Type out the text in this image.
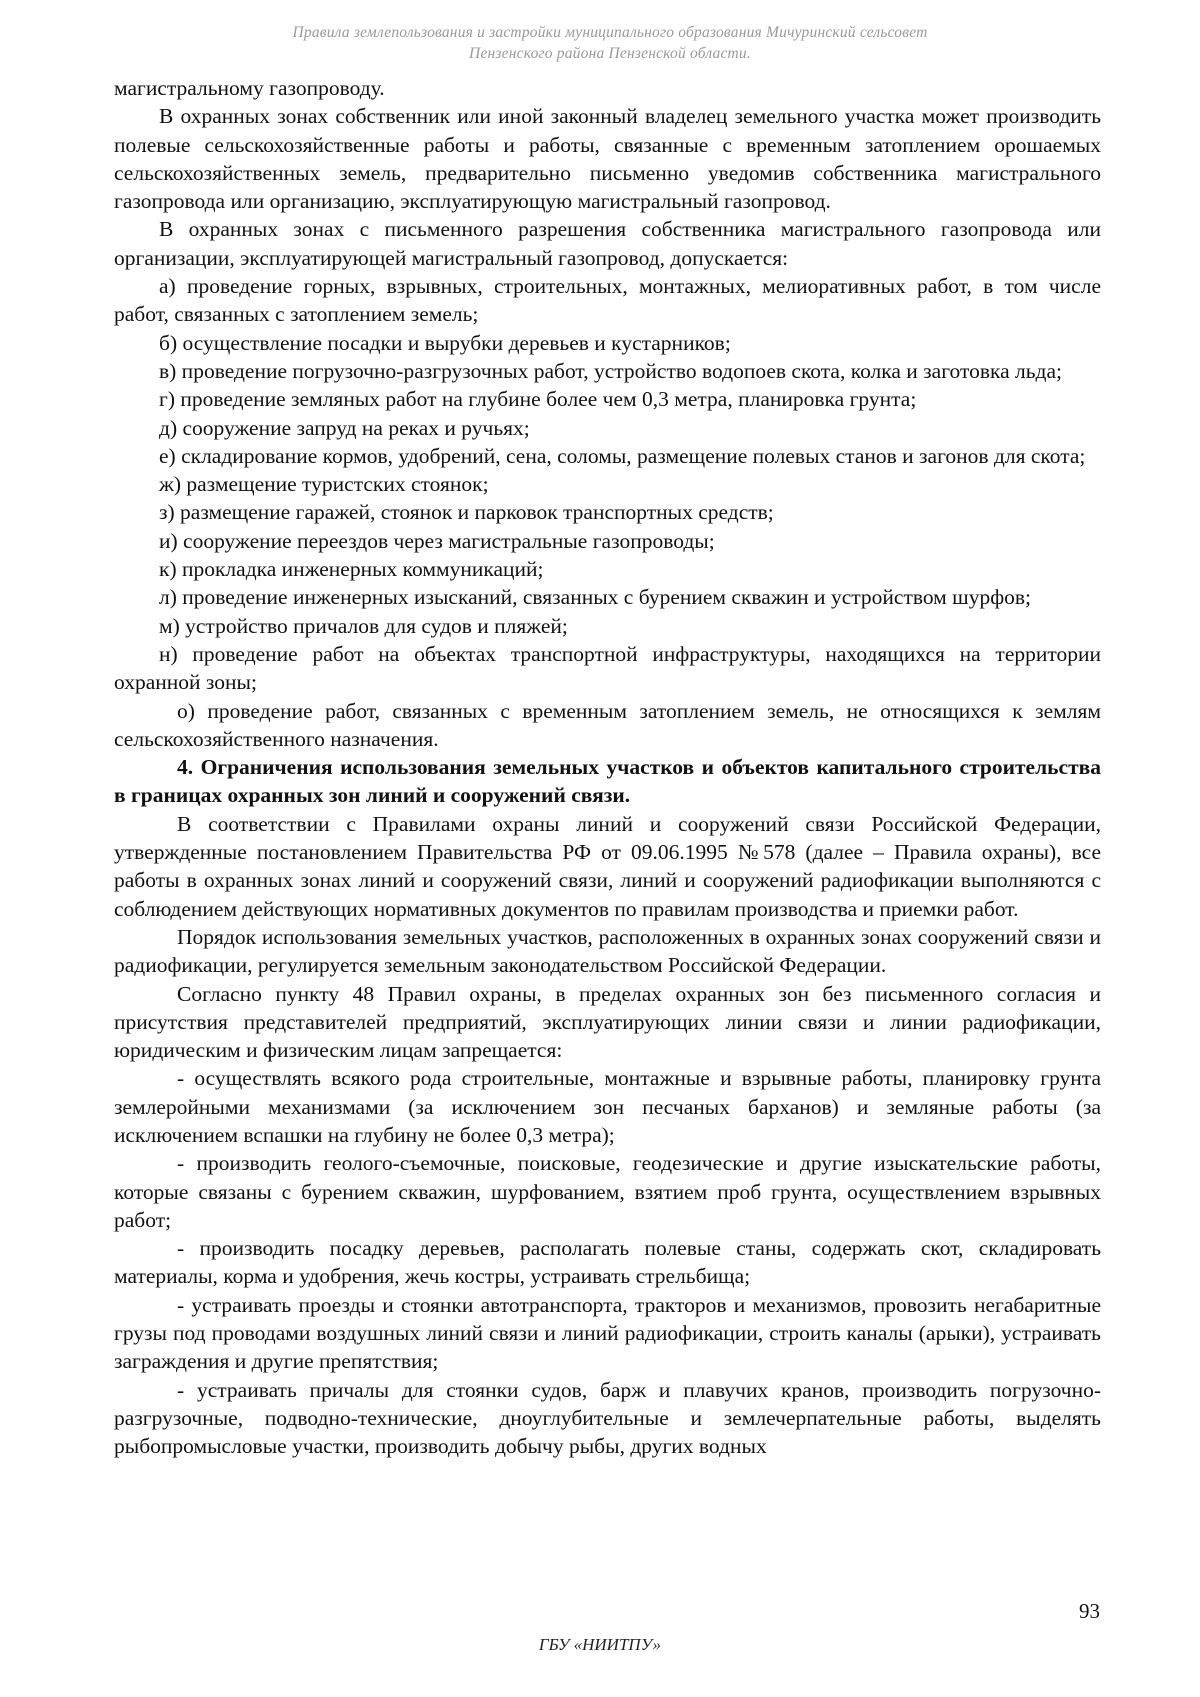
Правила землепользования и застройки муниципального образования Мичуринский сельсовет
Пензенского района Пензенской области.

магистральному газопроводу.

В охранных зонах собственник или иной законный владелец земельного участка может производить полевые сельскохозяйственные работы и работы, связанные с временным затоплением орошаемых сельскохозяйственных земель, предварительно письменно уведомив собственника магистрального газопровода или организацию, эксплуатирующую магистральный газопровод.

В охранных зонах с письменного разрешения собственника магистрального газопровода или организации, эксплуатирующей магистральный газопровод, допускается:

а) проведение горных, взрывных, строительных, монтажных, мелиоративных работ, в том числе работ, связанных с затоплением земель;

б) осуществление посадки и вырубки деревьев и кустарников;

в) проведение погрузочно-разгрузочных работ, устройство водопоев скота, колка и заготовка льда;

г) проведение земляных работ на глубине более чем 0,3 метра, планировка грунта;

д) сооружение запруд на реках и ручьях;

е) складирование кормов, удобрений, сена, соломы, размещение полевых станов и загонов для скота;

ж) размещение туристских стоянок;

з) размещение гаражей, стоянок и парковок транспортных средств;

и) сооружение переездов через магистральные газопроводы;

к) прокладка инженерных коммуникаций;

л) проведение инженерных изысканий, связанных с бурением скважин и устройством шурфов;

м) устройство причалов для судов и пляжей;

н) проведение работ на объектах транспортной инфраструктуры, находящихся на территории охранной зоны;

о) проведение работ, связанных с временным затоплением земель, не относящихся к землям сельскохозяйственного назначения.

4. Ограничения использования земельных участков и объектов капитального строительства в границах охранных зон линий и сооружений связи.

В соответствии с Правилами охраны линий и сооружений связи Российской Федерации, утвержденные постановлением Правительства РФ от 09.06.1995 №578 (далее – Правила охраны), все работы в охранных зонах линий и сооружений связи, линий и сооружений радиофикации выполняются с соблюдением действующих нормативных документов по правилам производства и приемки работ.

Порядок использования земельных участков, расположенных в охранных зонах сооружений связи и радиофикации, регулируется земельным законодательством Российской Федерации.

Согласно пункту 48 Правил охраны, в пределах охранных зон без письменного согласия и присутствия представителей предприятий, эксплуатирующих линии связи и линии радиофикации, юридическим и физическим лицам запрещается:

- осуществлять всякого рода строительные, монтажные и взрывные работы, планировку грунта землеройными механизмами (за исключением зон песчаных барханов) и земляные работы (за исключением вспашки на глубину не более 0,3 метра);

- производить геолого-съемочные, поисковые, геодезические и другие изыскательские работы, которые связаны с бурением скважин, шурфованием, взятием проб грунта, осуществлением взрывных работ;

- производить посадку деревьев, располагать полевые станы, содержать скот, складировать материалы, корма и удобрения, жечь костры, устраивать стрельбища;

- устраивать проезды и стоянки автотранспорта, тракторов и механизмов, провозить негабаритные грузы под проводами воздушных линий связи и линий радиофикации, строить каналы (арыки), устраивать заграждения и другие препятствия;

- устраивать причалы для стоянки судов, барж и плавучих кранов, производить погрузочно-разгрузочные, подводно-технические, дноуглубительные и землечерпательные работы, выделять рыбопромысловые участки, производить добычу рыбы, других водных

93
ГБУ «НИИТПУ»
